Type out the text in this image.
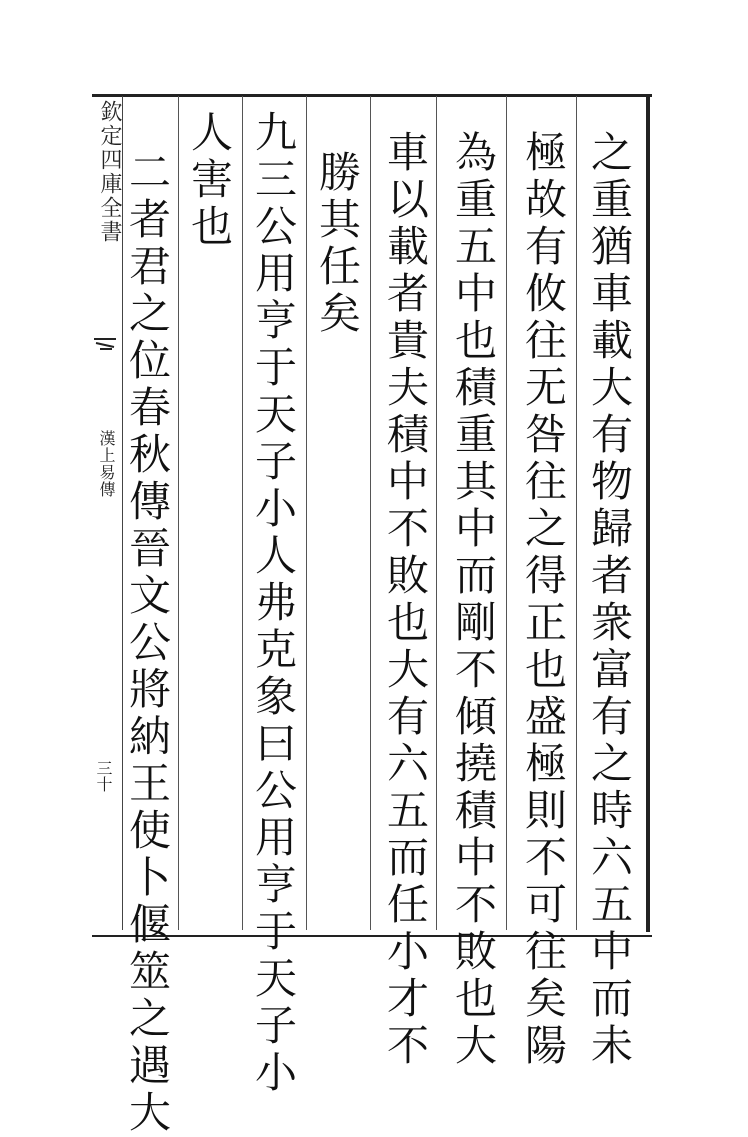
欽定四庫全書
漢上易傳
三十	之重猶車載大有物歸者衆富有之時六五中而未
極故有攸往无咎往之得正也盛極則不可往矣陽
為重五中也積重其中而剛不傾撓積中不敗也大
車以載者貴夫積中不敗也大有六五而任小才不
勝其任矣
九三公用亨于天子小人弗克象曰公用亨于天子小
人害也
二者君之位春秋傳晉文公將納王使卜偃筮之遇大
